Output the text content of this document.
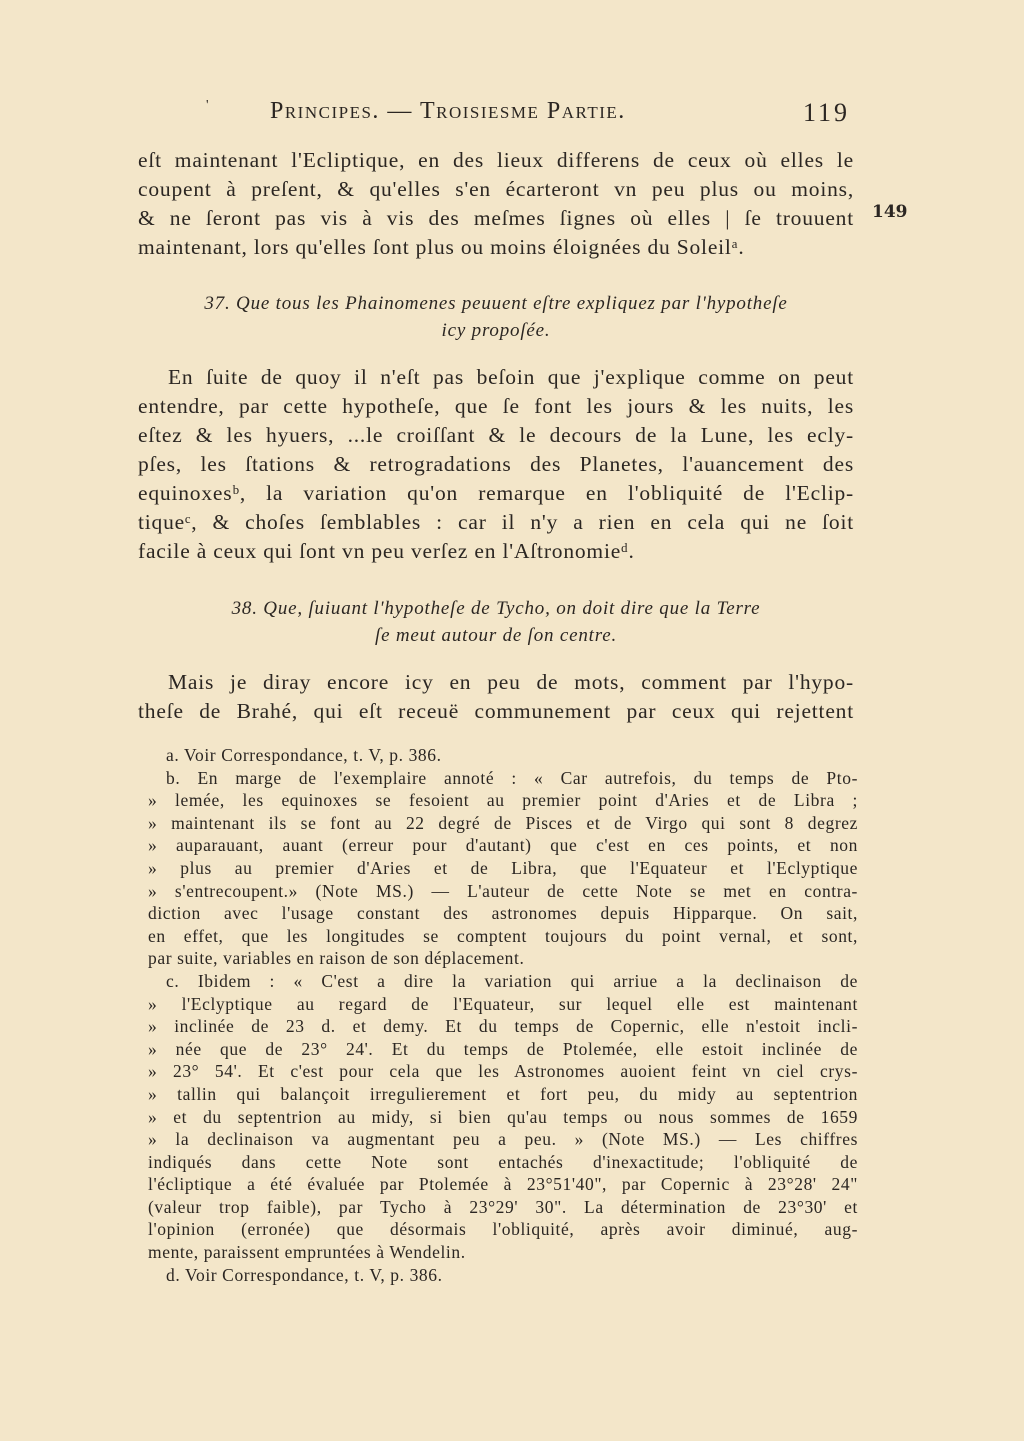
' Principes. — Troisiesme Partie.	119
149
eſt maintenant l'Ecliptique, en des lieux differens de ceux où elles le
coupent à preſent, & qu'elles s'en écarteront vn peu plus ou moins,
& ne ſeront pas vis à vis des meſmes ſignes où elles | ſe trouuent
maintenant, lors qu'elles ſont plus ou moins éloignées du Soleilᵃ.
37. Que tous les Phainomenes peuuent eſtre expliquez par l'hypotheſe
icy propoſée.
En ſuite de quoy il n'eſt pas beſoin que j'explique comme on peut
entendre, par cette hypotheſe, que ſe font les jours & les nuits, les
eſtez & les hyuers, ...le croiſſant & le decours de la Lune, les ecly-
pſes, les ſtations & retrogradations des Planetes, l'auancement des
equinoxesᵇ, la variation qu'on remarque en l'obliquité de l'Eclip-
tiqueᶜ, & choſes ſemblables : car il n'y a rien en cela qui ne ſoit
facile à ceux qui ſont vn peu verſez en l'Aſtronomieᵈ.
38. Que, ſuiuant l'hypotheſe de Tycho, on doit dire que la Terre
ſe meut autour de ſon centre.
Mais je diray encore icy en peu de mots, comment par l'hypo-
theſe de Brahé, qui eſt receuë communement par ceux qui rejettent
a. Voir Correspondance, t. V, p. 386.
b. En marge de l'exemplaire annoté : « Car autrefois, du temps de Pto-
» lemée, les equinoxes se fesoient au premier point d'Aries et de Libra ;
» maintenant ils se font au 22 degré de Pisces et de Virgo qui sont 8 degrez
» auparauant, auant (erreur pour d'autant) que c'est en ces points, et non
» plus au premier d'Aries et de Libra, que l'Equateur et l'Eclyptique
» s'entrecoupent.» (Note MS.) — L'auteur de cette Note se met en contra-
diction avec l'usage constant des astronomes depuis Hipparque. On sait,
en effet, que les longitudes se comptent toujours du point vernal, et sont,
par suite, variables en raison de son déplacement.
c. Ibidem : « C'est a dire la variation qui arriue a la declinaison de
» l'Eclyptique au regard de l'Equateur, sur lequel elle est maintenant
» inclinée de 23 d. et demy. Et du temps de Copernic, elle n'estoit incli-
» née que de 23° 24'. Et du temps de Ptolemée, elle estoit inclinée de
» 23° 54'. Et c'est pour cela que les Astronomes auoient feint vn ciel crys-
» tallin qui balançoit irregulierement et fort peu, du midy au septentrion
» et du septentrion au midy, si bien qu'au temps ou nous sommes de 1659
» la declinaison va augmentant peu a peu. » (Note MS.) — Les chiffres
indiqués dans cette Note sont entachés d'inexactitude; l'obliquité de
l'écliptique a été évaluée par Ptolemée à 23°51'40", par Copernic à 23°28' 24"
(valeur trop faible), par Tycho à 23°29' 30". La détermination de 23°30' et
l'opinion (erronée) que désormais l'obliquité, après avoir diminué, aug-
mente, paraissent empruntées à Wendelin.
d. Voir Correspondance, t. V, p. 386.
